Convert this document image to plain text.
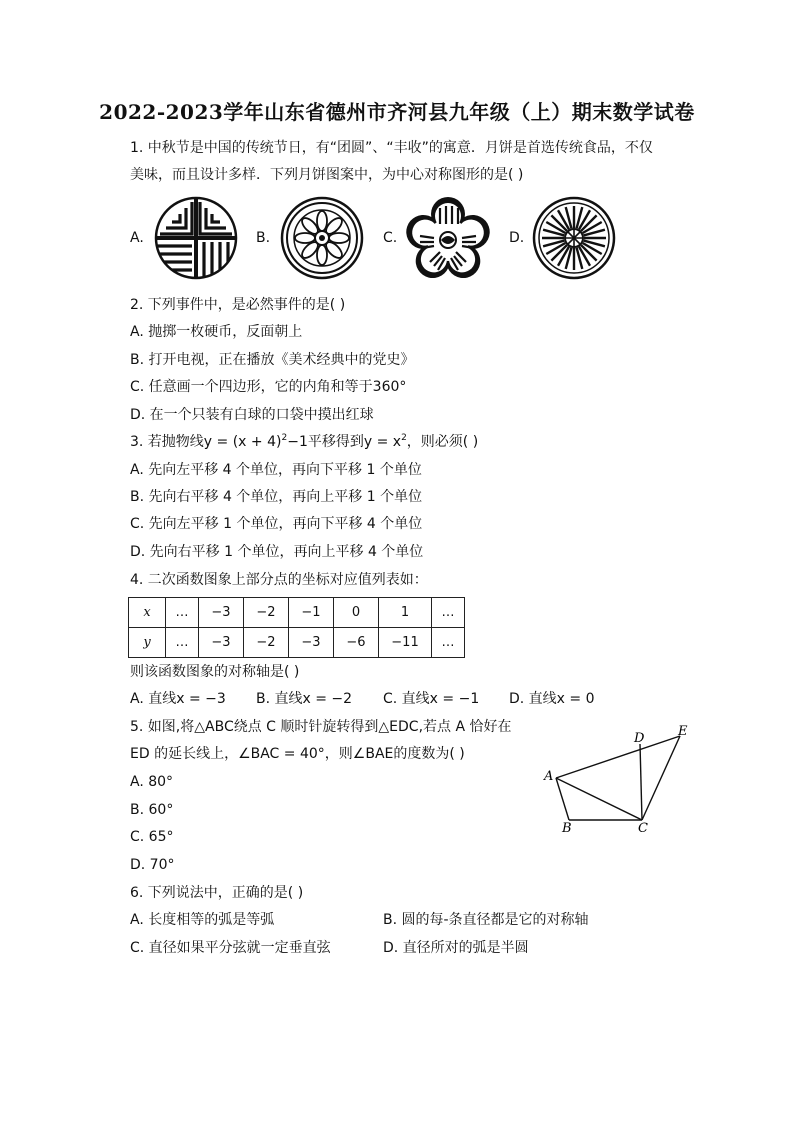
2022-2023学年山东省德州市齐河县九年级（上）期末数学试卷
1. 中秋节是中国的传统节日，有“团圆”、“丰收”的寓意．月饼是首选传统食品，不仅
美味，而且设计多样．下列月饼图案中，为中心对称图形的是( )
A.	B.	C.	D.
2. 下列事件中，是必然事件的是( )
A. 抛掷一枚硬币，反面朝上
B. 打开电视，正在播放《美术经典中的党史》
C. 任意画一个四边形，它的内角和等于360°
D. 在一个只装有白球的口袋中摸出红球
3. 若抛物线$y = (x + 4)^2-1$平移得到$y = x^2$，则必须( )
A. 先向左平移 4 个单位，再向下平移 1 个单位
B. 先向右平移 4 个单位，再向上平移 1 个单位
C. 先向左平移 1 个单位，再向下平移 4 个单位
D. 先向右平移 1 个单位，再向上平移 4 个单位
4. 二次函数图象上部分点的坐标对应值列表如：
x	…	−3	−2	−1	0	1	…
y	…	−3	−2	−3	−6	−11	…
则该函数图象的对称轴是( )
A. 直线x = −3 B. 直线x = −2 C. 直线x = −1 D. 直线x = 0
5. 如图,将△ABC绕点 C 顺时针旋转得到△EDC,若点 A 恰好在
ED 的延长线上，∠BAC = 40°，则∠BAE的度数为( )
A. 80°
B. 60°
C. 65°
D. 70°
A
B	C
D	E
6. 下列说法中，正确的是( )
A. 长度相等的弧是等弧	B. 圆的每-条直径都是它的对称轴
C. 直径如果平分弦就一定垂直弦	D. 直径所对的弧是半圆
